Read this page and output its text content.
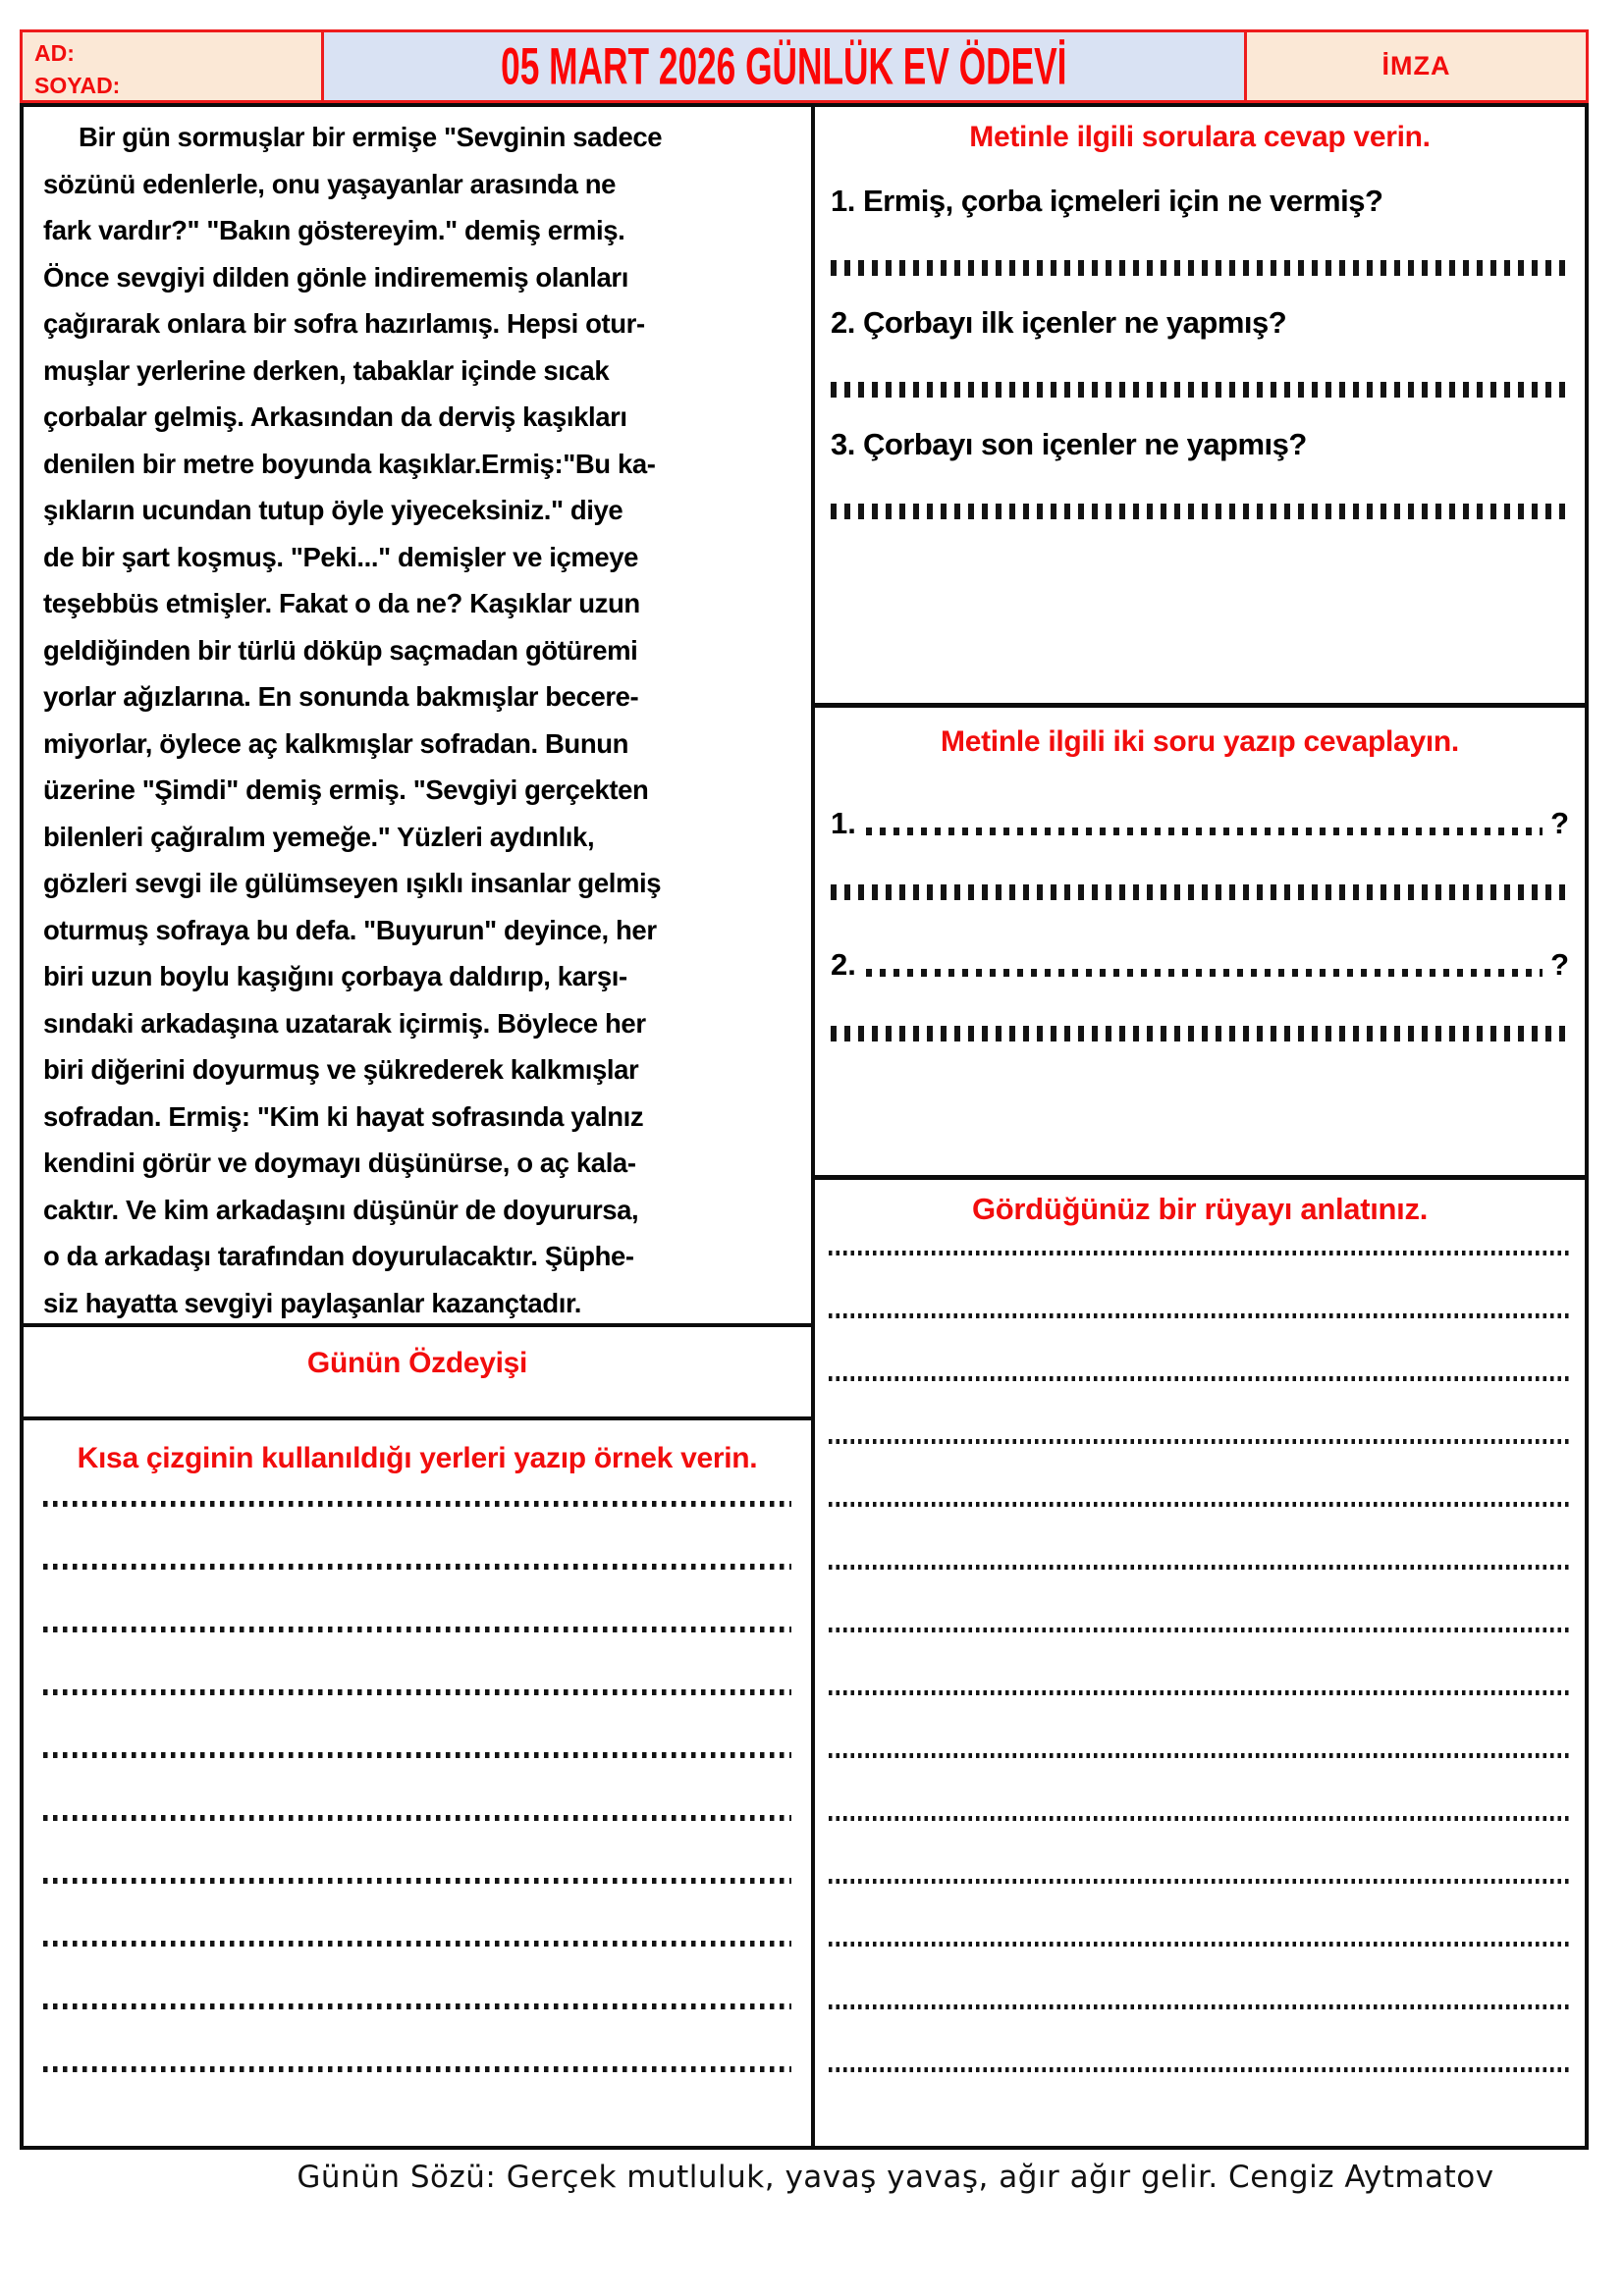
AD:
SOYAD:	05 MART 2026 GÜNLÜK EV ÖDEVİ	İMZA
Bir gün sormuşlar bir ermişe "Sevginin sadece
sözünü edenlerle, onu yaşayanlar arasında ne
fark vardır?" "Bakın göstereyim." demiş ermiş.
Önce sevgiyi dilden gönle indirememiş olanları
çağırarak onlara bir sofra hazırlamış. Hepsi otur-
muşlar yerlerine derken, tabaklar içinde sıcak
çorbalar gelmiş. Arkasından da derviş kaşıkları
denilen bir metre boyunda kaşıklar.Ermiş:"Bu ka-
şıkların ucundan tutup öyle yiyeceksiniz." diye
de bir şart koşmuş. "Peki..." demişler ve içmeye
teşebbüs etmişler. Fakat o da ne? Kaşıklar uzun
geldiğinden bir türlü döküp saçmadan götüremi
yorlar ağızlarına. En sonunda bakmışlar becere-
miyorlar, öylece aç kalkmışlar sofradan. Bunun
üzerine "Şimdi" demiş ermiş. "Sevgiyi gerçekten
bilenleri çağıralım yemeğe." Yüzleri aydınlık,
gözleri sevgi ile gülümseyen ışıklı insanlar gelmiş
oturmuş sofraya bu defa. "Buyurun" deyince, her
biri uzun boylu kaşığını çorbaya daldırıp, karşı-
sındaki arkadaşına uzatarak içirmiş. Böylece her
biri diğerini doyurmuş ve şükrederek kalkmışlar
sofradan. Ermiş: "Kim ki hayat sofrasında yalnız
kendini görür ve doymayı düşünürse, o aç kala-
caktır. Ve kim arkadaşını düşünür de doyurursa,
o da arkadaşı tarafından doyurulacaktır. Şüphe-
siz hayatta sevgiyi paylaşanlar kazançtadır.
Günün Özdeyişi
Kısa çizginin kullanıldığı yerleri yazıp örnek verin.
Metinle ilgili sorulara cevap verin.
1. Ermiş, çorba içmeleri için ne vermiş?
2. Çorbayı ilk içenler ne yapmış?
3. Çorbayı son içenler ne yapmış?
Metinle ilgili iki soru yazıp cevaplayın.
1.	?
2.	?
Gördüğünüz bir rüyayı anlatınız.
Günün Sözü: Gerçek mutluluk, yavaş yavaş, ağır ağır gelir. Cengiz Aytmatov
